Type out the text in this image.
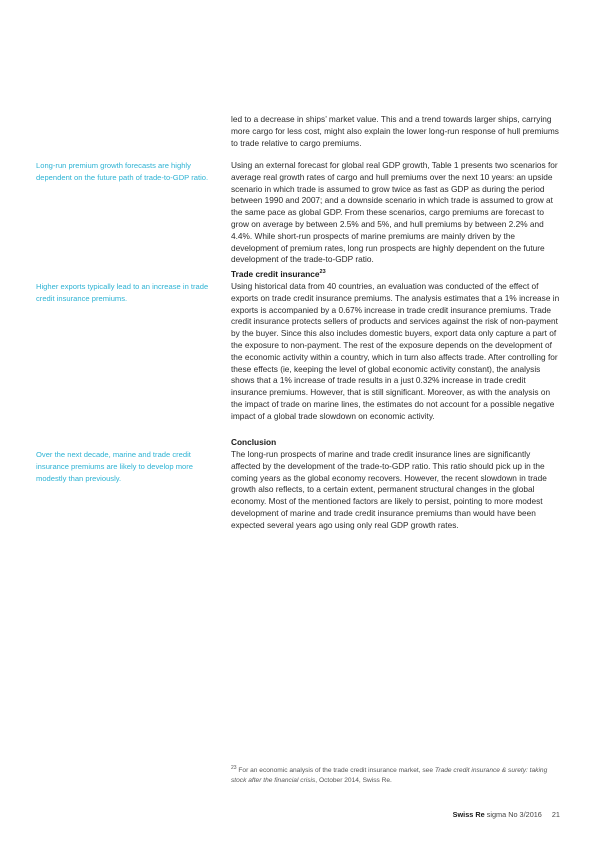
led to a decrease in ships’ market value. This and a trend towards larger ships, carrying more cargo for less cost, might also explain the lower long-run response of hull premiums to trade relative to cargo premiums.
Long-run premium growth forecasts are highly dependent on the future path of trade-to-GDP ratio.
Using an external forecast for global real GDP growth, Table 1 presents two scenarios for average real growth rates of cargo and hull premiums over the next 10 years: an upside scenario in which trade is assumed to grow twice as fast as GDP as during the period between 1990 and 2007; and a downside scenario in which trade is assumed to grow at the same pace as global GDP. From these scenarios, cargo premiums are forecast to grow on average by between 2.5% and 5%, and hull premiums by between 2.2% and 4.4%. While short-run prospects of marine premiums are mainly driven by the development of premium rates, long run prospects are highly dependent on the future development of the trade-to-GDP ratio.
Trade credit insurance$^{23}$
Higher exports typically lead to an increase in trade credit insurance premiums.
Using historical data from 40 countries, an evaluation was conducted of the effect of exports on trade credit insurance premiums. The analysis estimates that a 1% increase in exports is accompanied by a 0.67% increase in trade credit insurance premiums. Trade credit insurance protects sellers of products and services against the risk of non-payment by the buyer. Since this also includes domestic buyers, export data only capture a part of the exposure to non-payment. The rest of the exposure depends on the development of the economic activity within a country, which in turn also affects trade. After controlling for these effects (ie, keeping the level of global economic activity constant), the analysis shows that a 1% increase of trade results in a just 0.32% increase in trade credit insurance premiums. However, that is still significant. Moreover, as with the analysis on the impact of trade on marine lines, the estimates do not account for a possible negative impact of a global trade slowdown on economic activity.
Conclusion
Over the next decade, marine and trade credit insurance premiums are likely to develop more modestly than previously.
The long-run prospects of marine and trade credit insurance lines are significantly affected by the development of the trade-to-GDP ratio. This ratio should pick up in the coming years as the global economy recovers. However, the recent slowdown in trade growth also reflects, to a certain extent, permanent structural changes in the global economy. Most of the mentioned factors are likely to persist, pointing to more modest development of marine and trade credit insurance premiums than would have been expected several years ago using only real GDP growth rates.
$^{23}$ For an economic analysis of the trade credit insurance market, see Trade credit insurance & surety: taking stock after the financial crisis, October 2014, Swiss Re.
Swiss Re sigma No 3/2016 21
